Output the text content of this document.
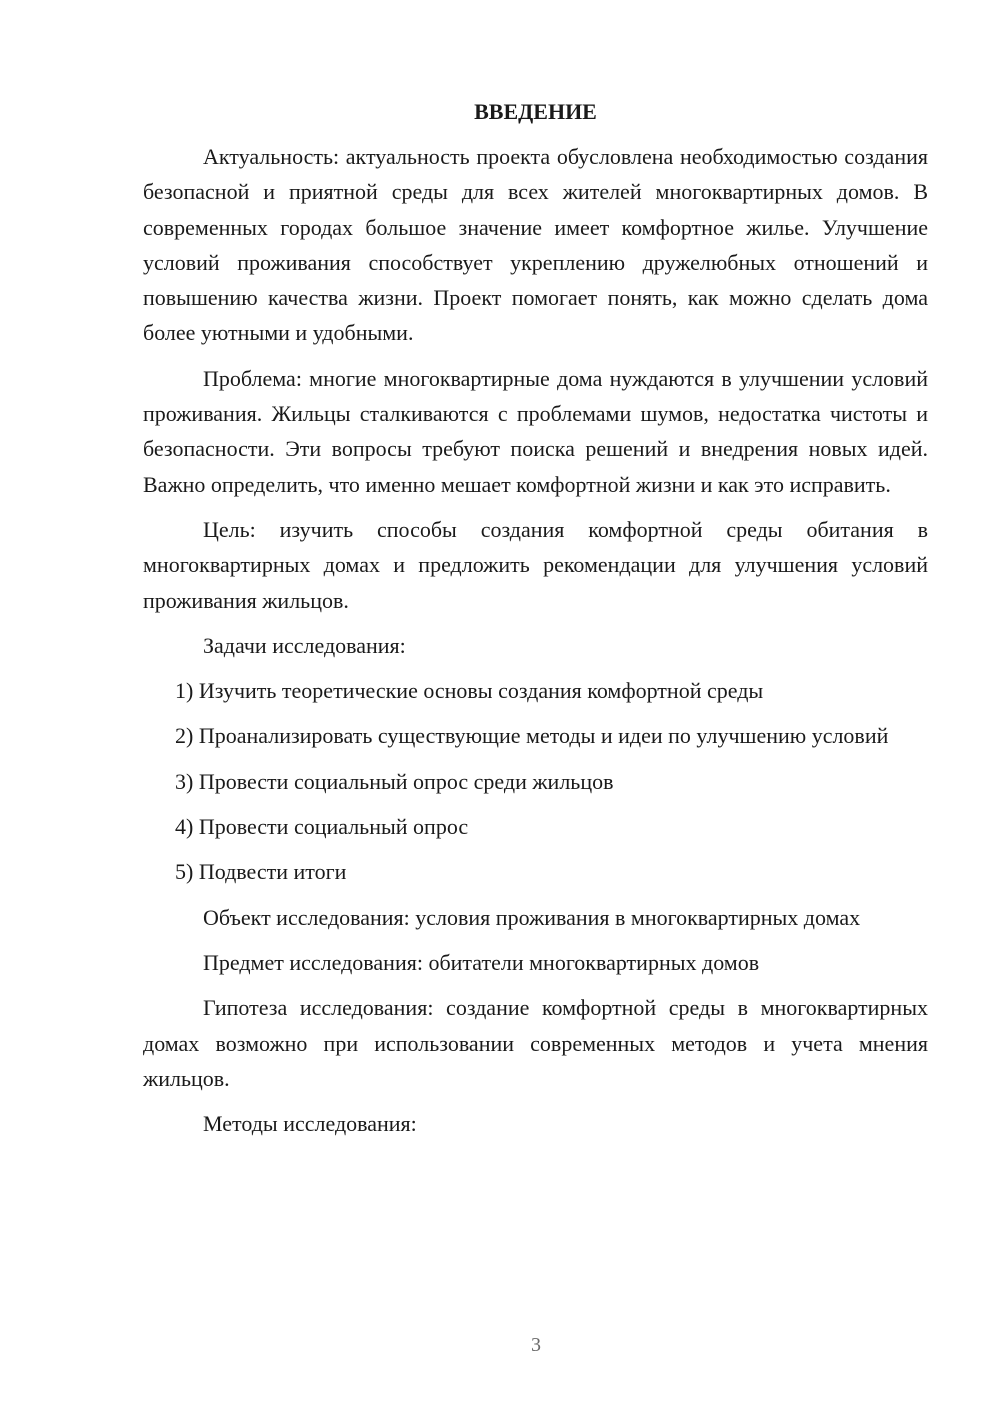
ВВЕДЕНИЕ

Актуальность: актуальность проекта обусловлена необходимостью создания безопасной и приятной среды для всех жителей многоквартирных домов. В современных городах большое значение имеет комфортное жилье. Улучшение условий проживания способствует укреплению дружелюбных отношений и повышению качества жизни. Проект помогает понять, как можно сделать дома более уютными и удобными.

Проблема: многие многоквартирные дома нуждаются в улучшении условий проживания. Жильцы сталкиваются с проблемами шумов, недостатка чистоты и безопасности. Эти вопросы требуют поиска решений и внедрения новых идей. Важно определить, что именно мешает комфортной жизни и как это исправить.

Цель: изучить способы создания комфортной среды обитания в многоквартирных домах и предложить рекомендации для улучшения условий проживания жильцов.

Задачи исследования:

1) Изучить теоретические основы создания комфортной среды

2) Проанализировать существующие методы и идеи по улучшению условий

3) Провести социальный опрос среди жильцов

4) Провести социальный опрос

5) Подвести итоги

Объект исследования: условия проживания в многоквартирных домах

Предмет исследования: обитатели многоквартирных домов

Гипотеза исследования: создание комфортной среды в многоквартирных домах возможно при использовании современных методов и учета мнения жильцов.

Методы исследования:

3
